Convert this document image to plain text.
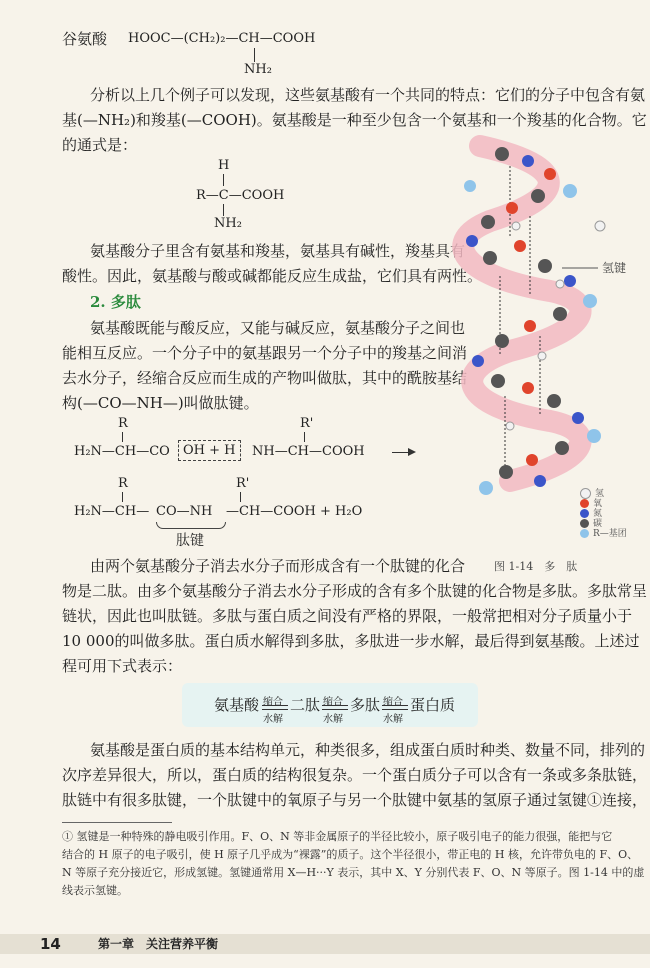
谷氨酸 HOOC—(CH₂)₂—CH—COOH
NH₂
分析以上几个例子可以发现，这些氨基酸有一个共同的特点：它们的分子中包含有氨
基(—NH₂)和羧基(—COOH)。氨基酸是一种至少包含一个氨基和一个羧基的化合物。它
的通式是：
H
R—C—COOH
NH₂
氨基酸分子里含有氨基和羧基，氨基具有碱性，羧基具有
酸性。因此，氨基酸与酸或碱都能反应生成盐，它们具有两性。
2. 多肽
氨基酸既能与酸反应，又能与碱反应，氨基酸分子之间也
能相互反应。一个分子中的氨基跟另一个分子中的羧基之间消
去水分子，经缩合反应而生成的产物叫做肽，其中的酰胺基结
构(—CO—NH—)叫做肽键。
R	R'
H₂N—CH—CO	OH + H	NH—CH—COOH
R	R'
H₂N—CH— CO—NH —CH—COOH + H₂O
肽键
由两个氨基酸分子消去水分子而形成含有一个肽键的化合
物是二肽。由多个氨基酸分子消去水分子形成的含有多个肽键的化合物是多肽。多肽常呈
链状，因此也叫肽链。多肽与蛋白质之间没有严格的界限，一般常把相对分子质量小于
10 000的叫做多肽。蛋白质水解得到多肽，多肽进一步水解，最后得到氨基酸。上述过
程可用下式表示：
氨基酸 缩合
水解
二肽 缩合
水解
多肽 缩合
水解
蛋白质
氨基酸是蛋白质的基本结构单元，种类很多，组成蛋白质时种类、数量不同，排列的
次序差异很大，所以，蛋白质的结构很复杂。一个蛋白质分子可以含有一条或多条肽链，
肽链中有很多肽键，一个肽键中的氧原子与另一个肽键中氨基的氢原子通过氢键①连接，
氢键
氢
氧
氮
碳
R—基团
图 1-14　多　肽
① 氢键是一种特殊的静电吸引作用。F、O、N 等非金属原子的半径比较小，原子吸引电子的能力很强，能把与它
结合的 H 原子的电子吸引，使 H 原子几乎成为“裸露”的质子。这个半径很小，带正电的 H 核，允许带负电的 F、O、
N 等原子充分接近它，形成氢键。氢键通常用 X—H···Y 表示，其中 X、Y 分别代表 F、O、N 等原子。图 1-14 中的虚
线表示氢键。
14	第一章　关注营养平衡
